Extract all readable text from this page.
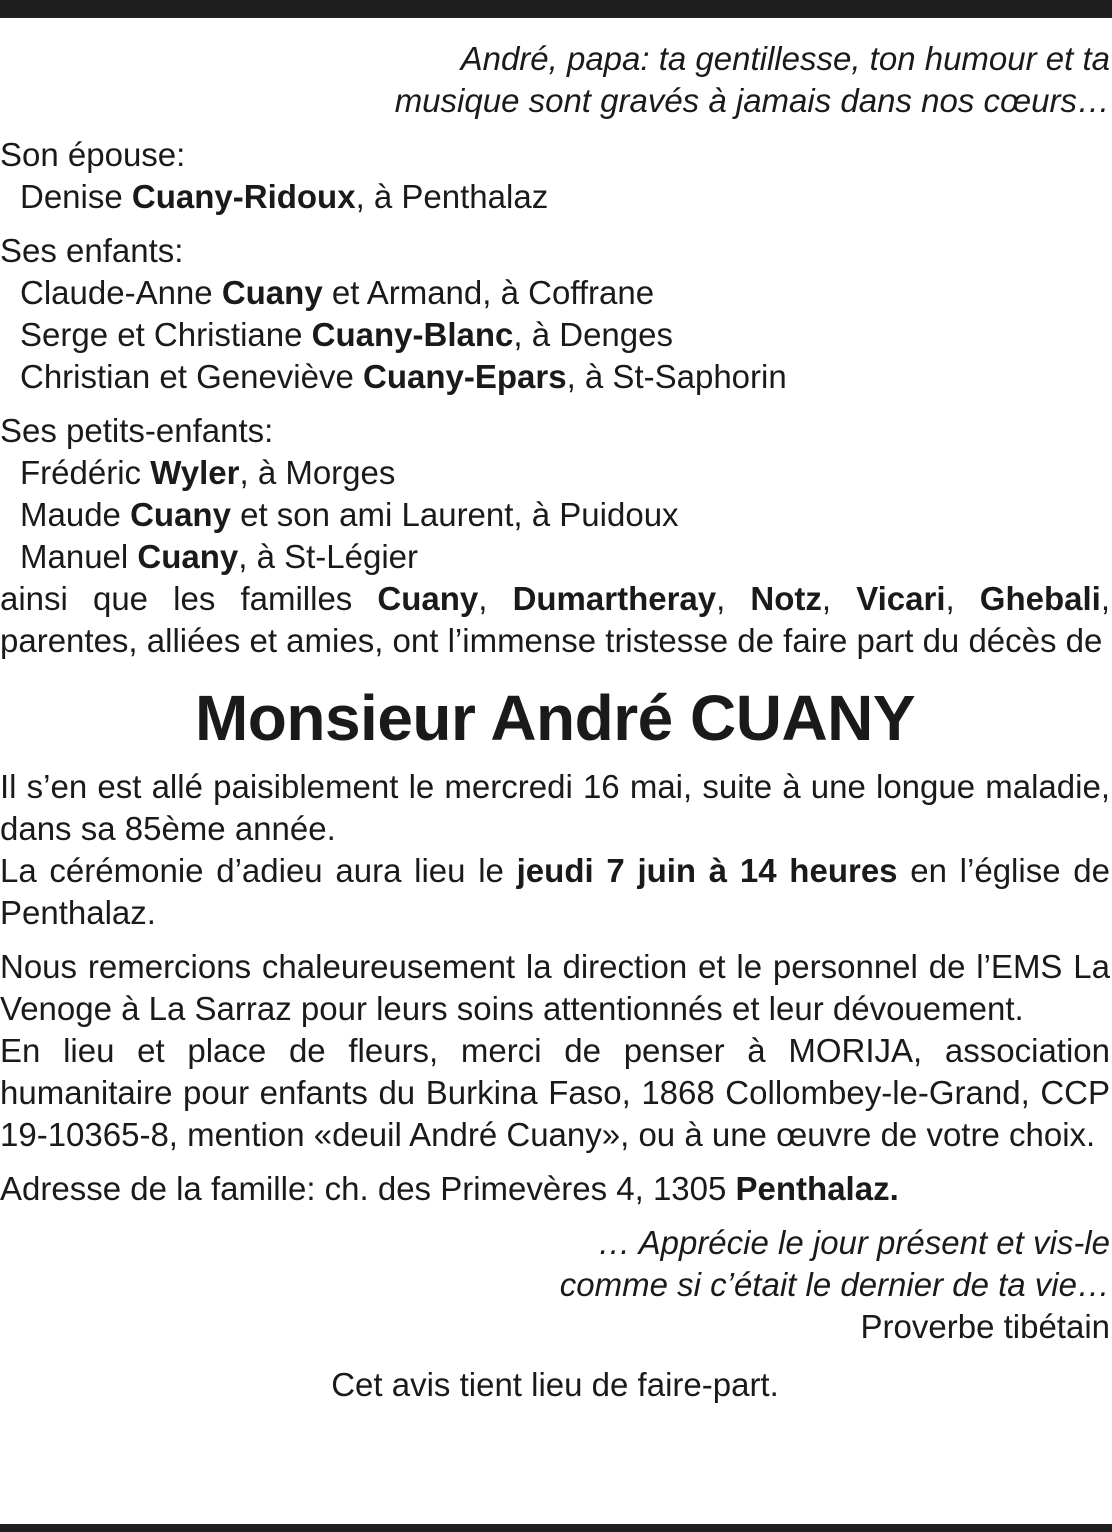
André, papa: ta gentillesse, ton humour et ta
musique sont gravés à jamais dans nos cœurs…
Son épouse:
Denise Cuany-Ridoux, à Penthalaz
Ses enfants:
Claude-Anne Cuany et Armand, à Coffrane
Serge et Christiane Cuany-Blanc, à Denges
Christian et Geneviève Cuany-Epars, à St-Saphorin
Ses petits-enfants:
Frédéric Wyler, à Morges
Maude Cuany et son ami Laurent, à Puidoux
Manuel Cuany, à St-Légier

ainsi que les familles Cuany, Dumartheray, Notz, Vicari, Ghebali, parentes, alliées et amies, ont l’immense tristesse de faire part du décès de

Monsieur André CUANY

Il s’en est allé paisiblement le mercredi 16 mai, suite à une longue maladie, dans sa 85ème année.

La cérémonie d’adieu aura lieu le jeudi 7 juin à 14 heures en l’église de Penthalaz.

Nous remercions chaleureusement la direction et le personnel de l’EMS La Venoge à La Sarraz pour leurs soins attentionnés et leur dévouement.

En lieu et place de fleurs, merci de penser à MORIJA, association humanitaire pour enfants du Burkina Faso, 1868 Collombey-le-Grand, CCP 19-10365-8, mention «deuil André Cuany», ou à une œuvre de votre choix.

Adresse de la famille: ch. des Primevères 4, 1305 Penthalaz.

… Apprécie le jour présent et vis-le
comme si c’était le dernier de ta vie…
Proverbe tibétain
Cet avis tient lieu de faire-part.
